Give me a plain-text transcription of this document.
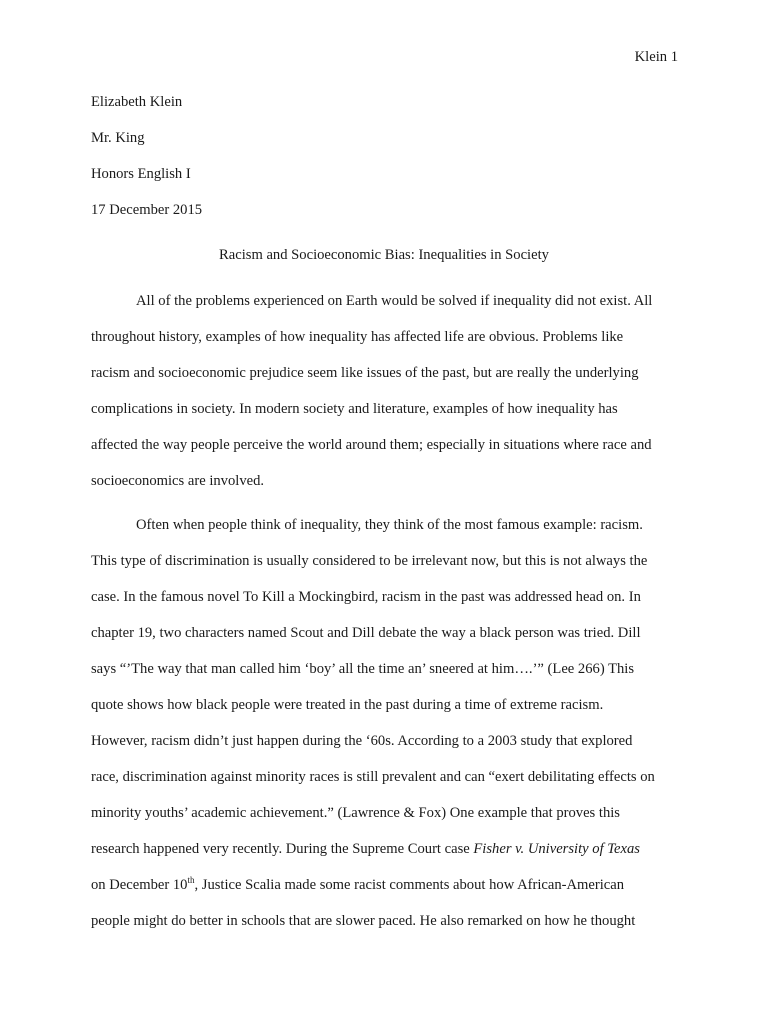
Klein 1
Elizabeth Klein
Mr. King
Honors English I
17 December 2015
Racism and Socioeconomic Bias: Inequalities in Society
All of the problems experienced on Earth would be solved if inequality did not exist. All
throughout history, examples of how inequality has affected life are obvious. Problems like
racism and socioeconomic prejudice seem like issues of the past, but are really the underlying
complications in society. In modern society and literature, examples of how inequality has
affected the way people perceive the world around them; especially in situations where race and
socioeconomics are involved.
Often when people think of inequality, they think of the most famous example: racism.
This type of discrimination is usually considered to be irrelevant now, but this is not always the
case. In the famous novel To Kill a Mockingbird, racism in the past was addressed head on. In
chapter 19, two characters named Scout and Dill debate the way a black person was tried. Dill
says “’The way that man called him ‘boy’ all the time an’ sneered at him….’” (Lee 266) This
quote shows how black people were treated in the past during a time of extreme racism.
However, racism didn’t just happen during the ‘60s. According to a 2003 study that explored
race, discrimination against minority races is still prevalent and can “exert debilitating effects on
minority youths’ academic achievement.” (Lawrence & Fox) One example that proves this
research happened very recently. During the Supreme Court case Fisher v. University of Texas
on December 10th, Justice Scalia made some racist comments about how African-American
people might do better in schools that are slower paced. He also remarked on how he thought
